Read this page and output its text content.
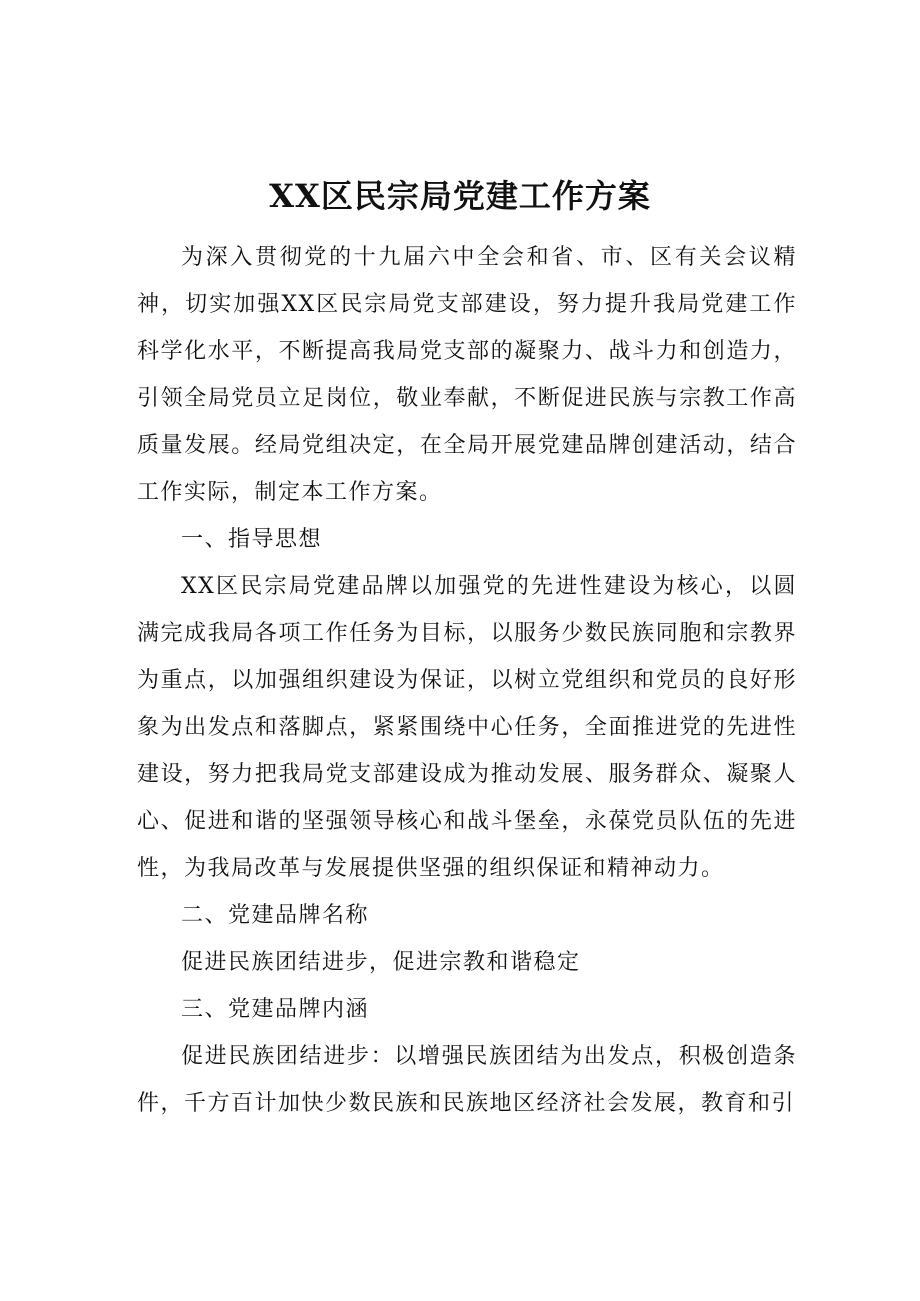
XX区民宗局党建工作方案

为深入贯彻党的十九届六中全会和省、市、区有关会议精神，切实加强XX区民宗局党支部建设，努力提升我局党建工作科学化水平，不断提高我局党支部的凝聚力、战斗力和创造力，引领全局党员立足岗位，敬业奉献，不断促进民族与宗教工作高质量发展。经局党组决定，在全局开展党建品牌创建活动，结合工作实际，制定本工作方案。

一、指导思想

XX区民宗局党建品牌以加强党的先进性建设为核心，以圆满完成我局各项工作任务为目标，以服务少数民族同胞和宗教界为重点，以加强组织建设为保证，以树立党组织和党员的良好形象为出发点和落脚点，紧紧围绕中心任务，全面推进党的先进性建设，努力把我局党支部建设成为推动发展、服务群众、凝聚人心、促进和谐的坚强领导核心和战斗堡垒，永葆党员队伍的先进性，为我局改革与发展提供坚强的组织保证和精神动力。

二、党建品牌名称

促进民族团结进步，促进宗教和谐稳定

三、党建品牌内涵

促进民族团结进步：以增强民族团结为出发点，积极创造条件，千方百计加快少数民族和民族地区经济社会发展，教育和引
